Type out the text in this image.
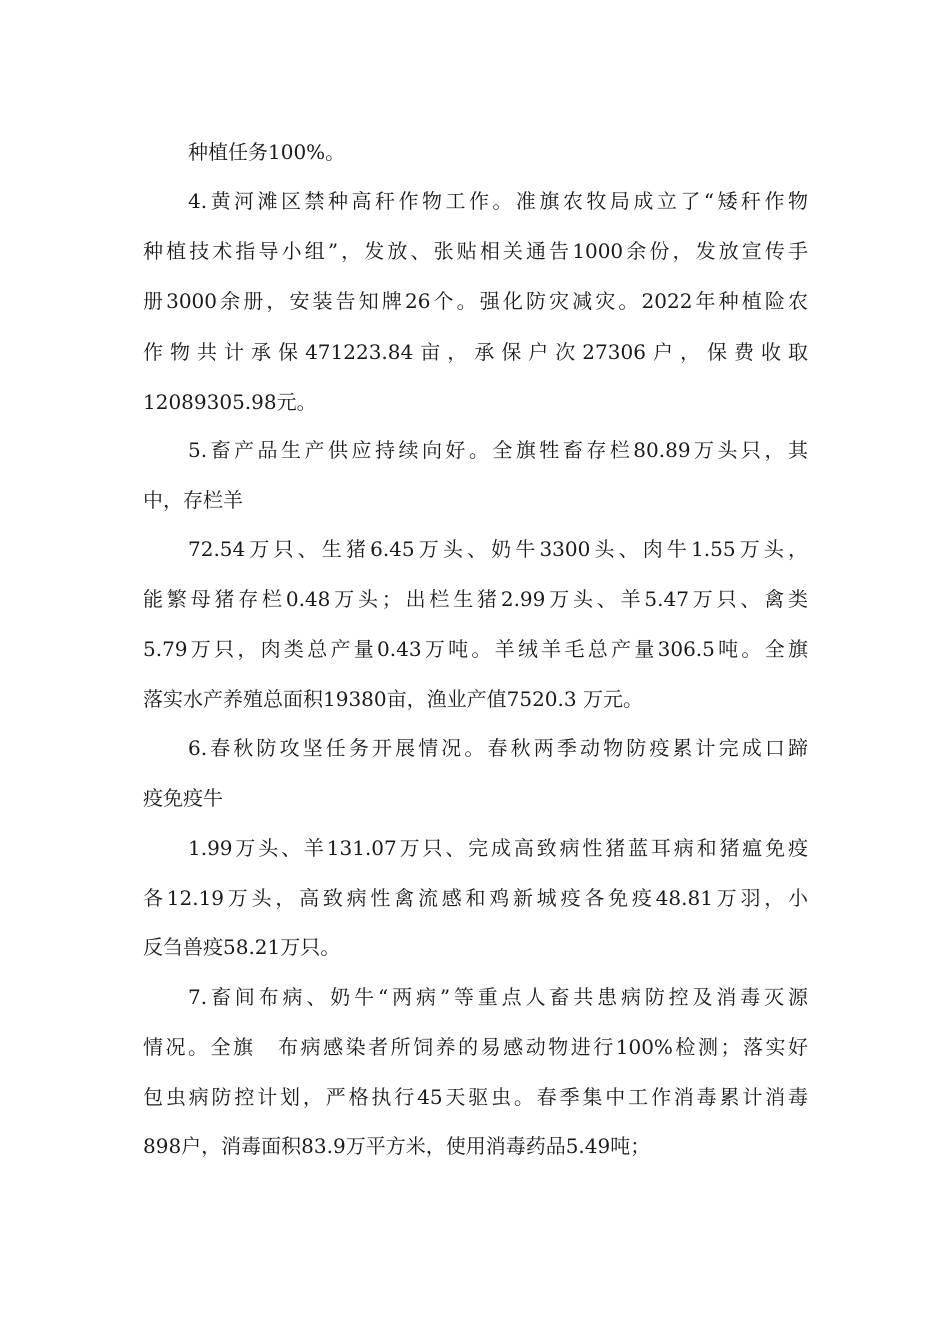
种植任务100%。
4.黄河滩区禁种高秆作物工作。准旗农牧局成立了“矮秆作物
种植技术指导小组”，发放、张贴相关通告1000余份，发放宣传手
册3000余册，安装告知牌26个。强化防灾减灾。2022年种植险农
作物共计承保471223.84亩，承保户次27306户，保费收取
12089305.98元。
5.畜产品生产供应持续向好。全旗牲畜存栏80.89万头只，其
中，存栏羊
72.54万只、生猪6.45万头、奶牛3300头、肉牛1.55万头，
能繁母猪存栏0.48万头；出栏生猪2.99万头、羊5.47万只、禽类
5.79万只，肉类总产量0.43万吨。羊绒羊毛总产量306.5吨。全旗
落实水产养殖总面积19380亩，渔业产值7520.3 万元。
6.春秋防攻坚任务开展情况。春秋两季动物防疫累计完成口蹄
疫免疫牛
1.99万头、羊131.07万只、完成高致病性猪蓝耳病和猪瘟免疫
各12.19万头，高致病性禽流感和鸡新城疫各免疫48.81万羽，小
反刍兽疫58.21万只。
7.畜间布病、奶牛“两病”等重点人畜共患病防控及消毒灭源
情况。全旗　布病感染者所饲养的易感动物进行100%检测；落实好
包虫病防控计划，严格执行45天驱虫。春季集中工作消毒累计消毒
898户，消毒面积83.9万平方米，使用消毒药品5.49吨；
